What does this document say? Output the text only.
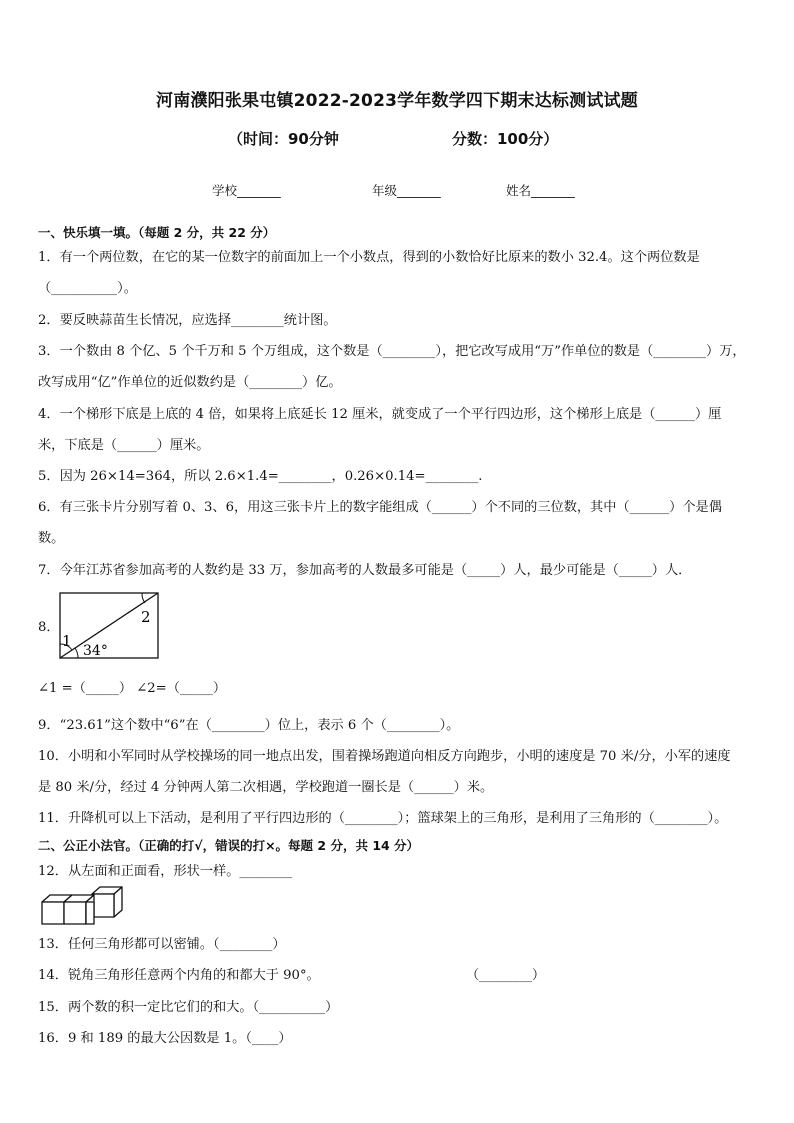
河南濮阳张果屯镇2022-2023学年数学四下期末达标测试试题
（时间：90分钟	分数：100分）
学校_______	年级_______	姓名_______
一、快乐填一填。（每题 2 分，共 22 分）
1．有一个两位数，在它的某一位数字的前面加上一个小数点，得到的小数恰好比原来的数小 32.4。这个两位数是
（__________）。
2．要反映蒜苗生长情况，应选择________统计图。
3．一个数由 8 个亿、5 个千万和 5 个万组成，这个数是（________），把它改写成用“万”作单位的数是（________）万，
改写成用“亿”作单位的近似数约是（________）亿。
4．一个梯形下底是上底的 4 倍，如果将上底延长 12 厘米，就变成了一个平行四边形，这个梯形上底是（______）厘
米，下底是（______）厘米。
5．因为 26×14=364，所以 2.6×1.4=________，0.26×0.14=________.
6．有三张卡片分别写着 0、3、6，用这三张卡片上的数字能组成（______）个不同的三位数，其中（______）个是偶
数。
7．今年江苏省参加高考的人数约是 33 万，参加高考的人数最多可能是（_____）人，最少可能是（_____）人．
8．
1
2
34°
∠1 =（_____） ∠2=（_____）
9．“23.61”这个数中“6”在（________）位上，表示 6 个（________）。
10．小明和小军同时从学校操场的同一地点出发，围着操场跑道向相反方向跑步，小明的速度是 70 米/分，小军的速度
是 80 米/分，经过 4 分钟两人第二次相遇，学校跑道一圈长是（______）米。
11．升降机可以上下活动，是利用了平行四边形的（________）；篮球架上的三角形，是利用了三角形的（________）。
二、公正小法官。（正确的打√，错误的打×。每题 2 分，共 14 分）
12．从左面和正面看，形状一样。________
13．任何三角形都可以密铺。（________）
14．锐角三角形任意两个内角的和都大于 90°。	（________）
15．两个数的积一定比它们的和大。（__________）
16．9 和 189 的最大公因数是 1。（____）
